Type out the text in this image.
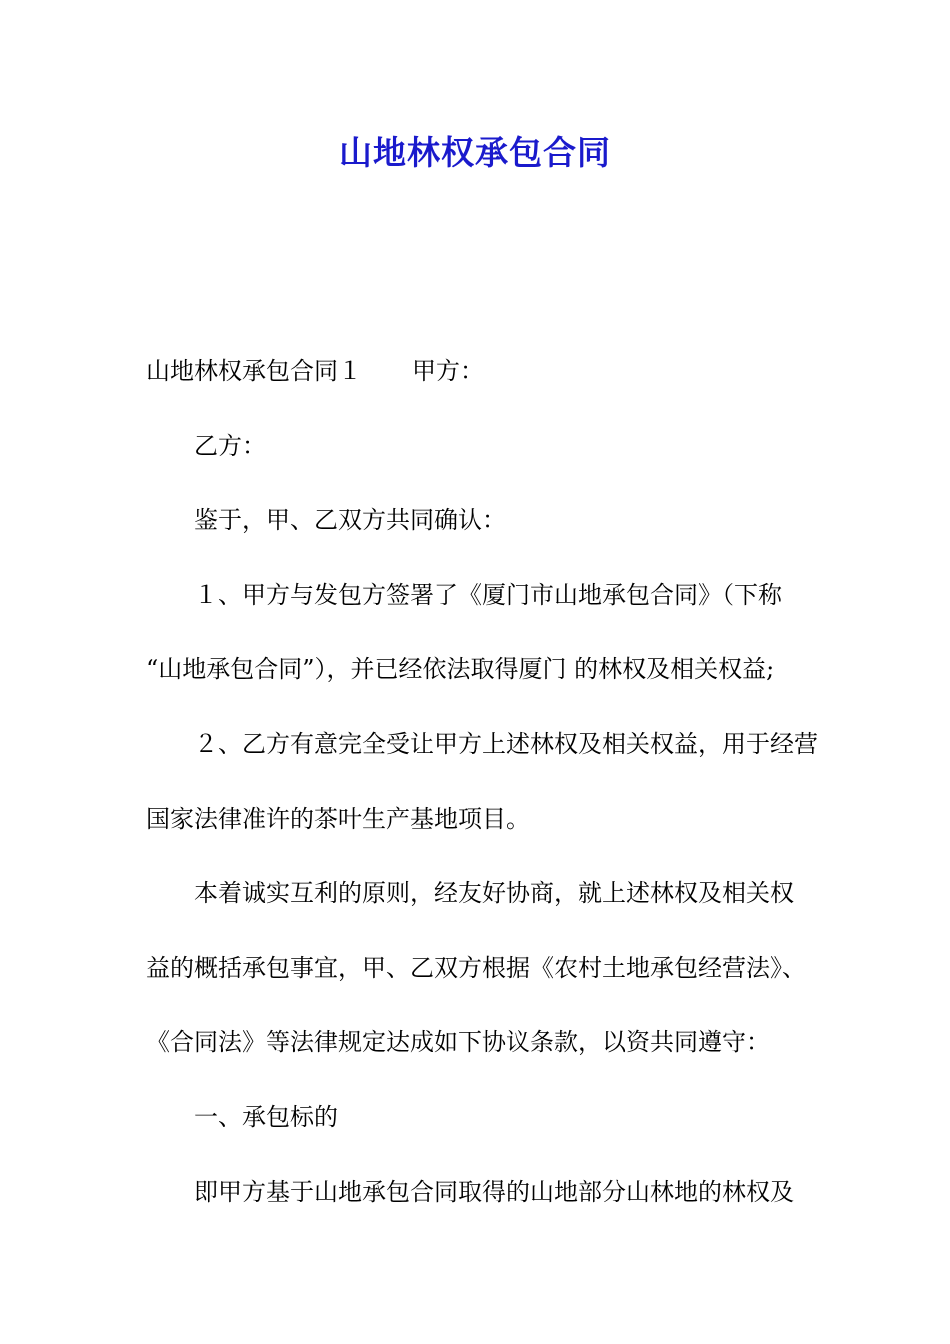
山地林权承包合同
山地林权承包合同１ 甲方：
乙方：
鉴于，甲、乙双方共同确认：
１、甲方与发包方签署了《厦门市山地承包合同》（下称
“山地承包合同”），并已经依法取得厦门 的林权及相关权益;
２、乙方有意完全受让甲方上述林权及相关权益，用于经营
国家法律准许的茶叶生产基地项目。
本着诚实互利的原则，经友好协商，就上述林权及相关权
益的概括承包事宜，甲、乙双方根据《农村土地承包经营法》、
《合同法》等法律规定达成如下协议条款，以资共同遵守：
一、承包标的
即甲方基于山地承包合同取得的山地部分山林地的林权及
